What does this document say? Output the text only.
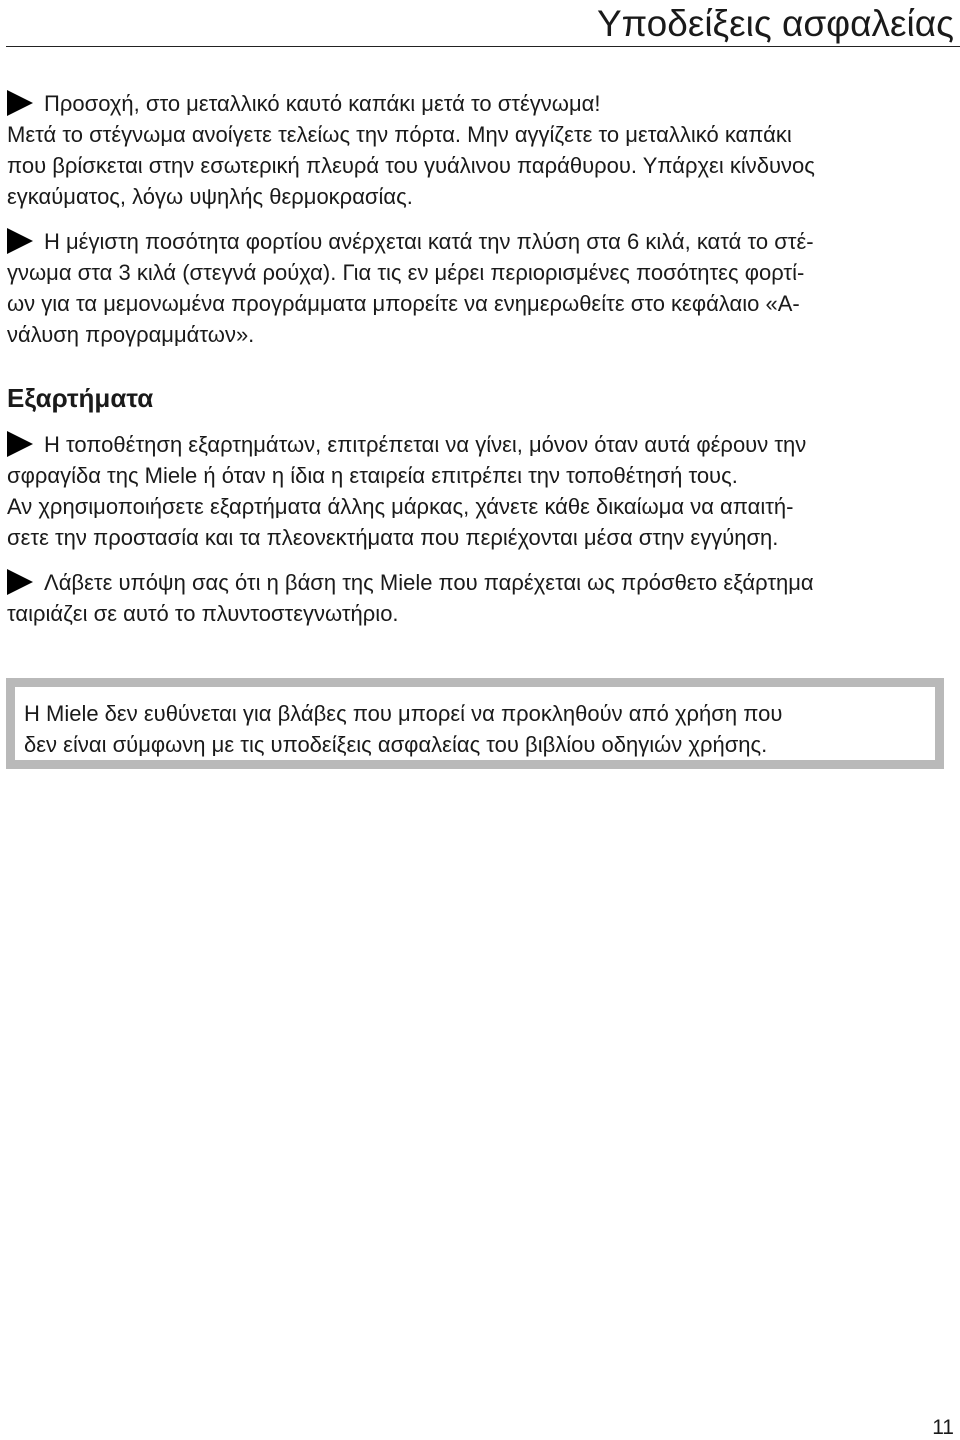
Υποδείξεις ασφαλείας
Προσοχή, στο μεταλλικό καυτό καπάκι μετά το στέγνωμα!
Μετά το στέγνωμα ανοίγετε τελείως την πόρτα. Μην αγγίζετε το μεταλλικό καπάκι
που βρίσκεται στην εσωτερική πλευρά του γυάλινου παράθυρου. Υπάρχει κίνδυνος
εγκαύματος, λόγω υψηλής θερμοκρασίας.
Η μέγιστη ποσότητα φορτίου ανέρχεται κατά την πλύση στα 6 κιλά, κατά το στέ-
γνωμα στα 3 κιλά (στεγνά ρούχα). Για τις εν μέρει περιορισμένες ποσότητες φορτί-
ων για τα μεμονωμένα προγράμματα μπορείτε να ενημερωθείτε στο κεφάλαιο «Α-
νάλυση προγραμμάτων».
Εξαρτήματα
Η τοποθέτηση εξαρτημάτων, επιτρέπεται να γίνει, μόνον όταν αυτά φέρουν την
σφραγίδα της Miele ή όταν η ίδια η εταιρεία επιτρέπει την τοποθέτησή τους.
Αν χρησιμοποιήσετε εξαρτήματα άλλης μάρκας, χάνετε κάθε δικαίωμα να απαιτή-
σετε την προστασία και τα πλεονεκτήματα που περιέχονται μέσα στην εγγύηση.
Λάβετε υπόψη σας ότι η βάση της Miele που παρέχεται ως πρόσθετο εξάρτημα
ταιριάζει σε αυτό το πλυντοστεγνωτήριο.
Η Miele δεν ευθύνεται για βλάβες που μπορεί να προκληθούν από χρήση που
δεν είναι σύμφωνη με τις υποδείξεις ασφαλείας του βιβλίου οδηγιών χρήσης.
11
